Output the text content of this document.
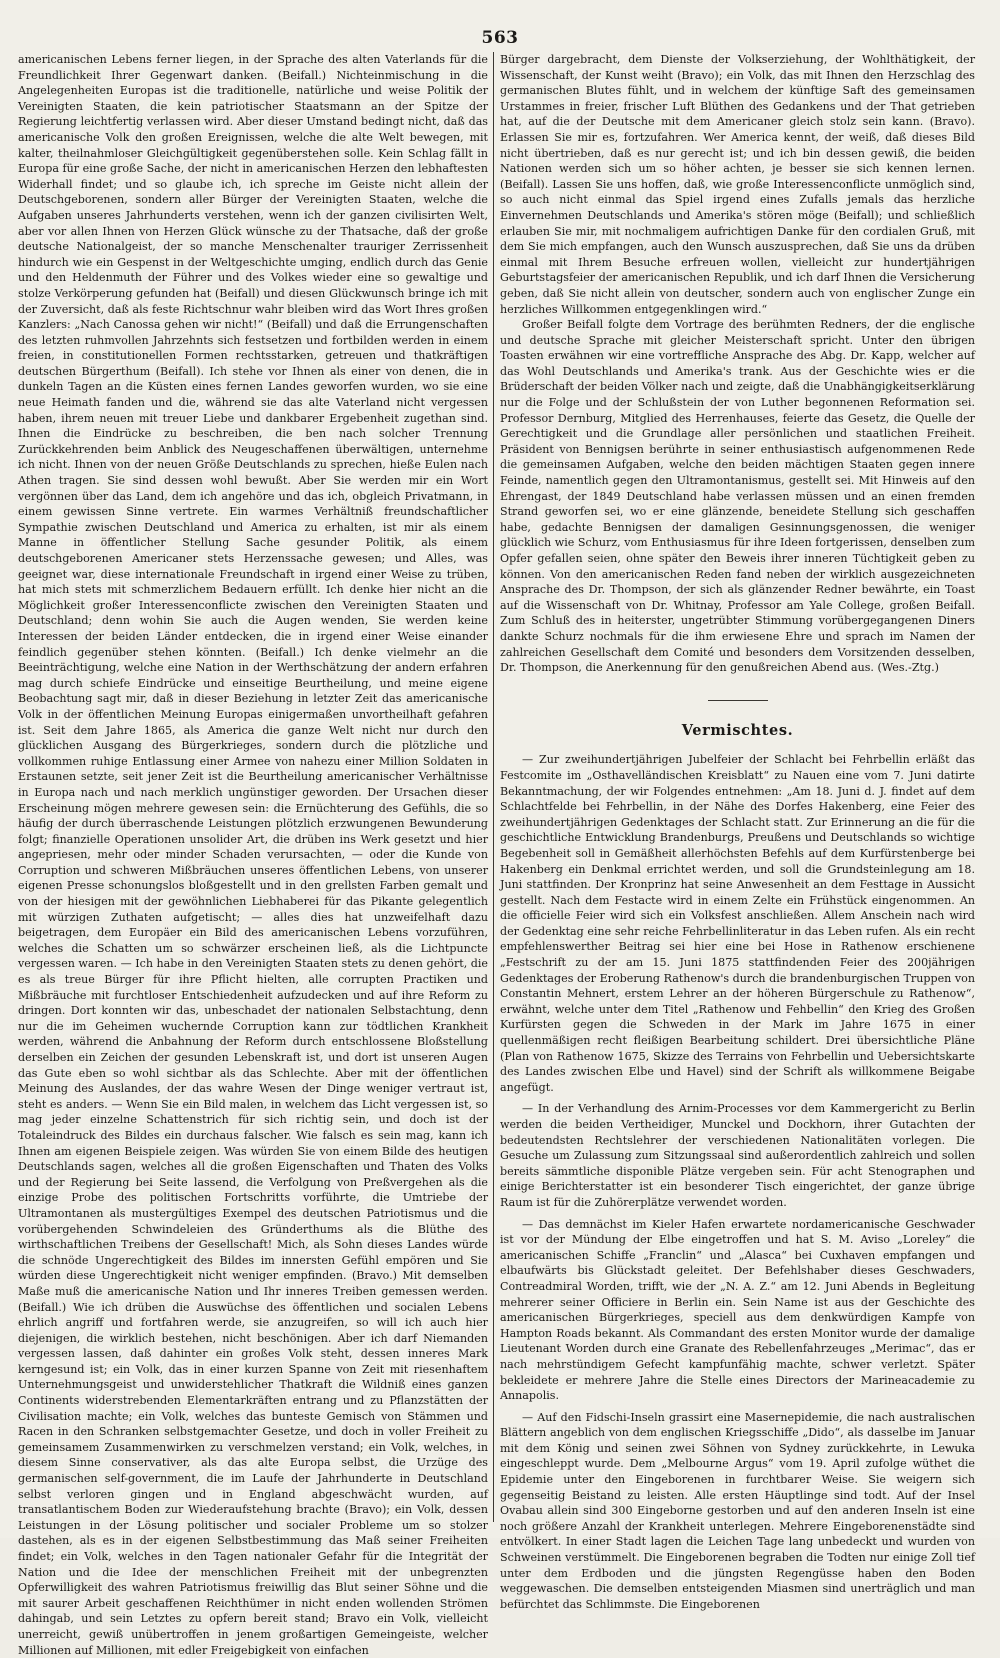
563

americanischen Lebens ferner liegen, in der Sprache des alten Vaterlands für die Freundlichkeit Ihrer Gegenwart danken. (Beifall.) Nichteinmischung in die Angelegenheiten Europas ist die traditionelle, natürliche und weise Politik der Vereinigten Staaten, die kein patriotischer Staatsmann an der Spitze der Regierung leichtfertig verlassen wird. Aber dieser Umstand bedingt nicht, daß das americanische Volk den großen Ereignissen, welche die alte Welt bewegen, mit kalter, theilnahmloser Gleichgültigkeit gegenüberstehen solle. Kein Schlag fällt in Europa für eine große Sache, der nicht in americanischen Herzen den lebhaftesten Widerhall findet; und so glaube ich, ich spreche im Geiste nicht allein der Deutschgeborenen, sondern aller Bürger der Vereinigten Staaten, welche die Aufgaben unseres Jahrhunderts verstehen, wenn ich der ganzen civilisirten Welt, aber vor allen Ihnen von Herzen Glück wünsche zu der Thatsache, daß der große deutsche Nationalgeist, der so manche Menschenalter trauriger Zerrissenheit hindurch wie ein Gespenst in der Weltgeschichte umging, endlich durch das Genie und den Heldenmuth der Führer und des Volkes wieder eine so gewaltige und stolze Verkörperung gefunden hat (Beifall) und diesen Glückwunsch bringe ich mit der Zuversicht, daß als feste Richtschnur wahr bleiben wird das Wort Ihres großen Kanzlers: „Nach Canossa gehen wir nicht!“ (Beifall) und daß die Errungenschaften des letzten ruhmvollen Jahrzehnts sich festsetzen und fortbilden werden in einem freien, in constitutionellen Formen rechtsstarken, getreuen und thatkräftigen deutschen Bürgerthum (Beifall). Ich stehe vor Ihnen als einer von denen, die in dunkeln Tagen an die Küsten eines fernen Landes geworfen wurden, wo sie eine neue Heimath fanden und die, während sie das alte Vaterland nicht vergessen haben, ihrem neuen mit treuer Liebe und dankbarer Ergebenheit zugethan sind. Ihnen die Eindrücke zu beschreiben, die ben nach solcher Trennung Zurückkehrenden beim Anblick des Neugeschaffenen überwältigen, unternehme ich nicht. Ihnen von der neuen Größe Deutschlands zu sprechen, hieße Eulen nach Athen tragen. Sie sind dessen wohl bewußt. Aber Sie werden mir ein Wort vergönnen über das Land, dem ich angehöre und das ich, obgleich Privatmann, in einem gewissen Sinne vertrete. Ein warmes Verhältniß freundschaftlicher Sympathie zwischen Deutschland und America zu erhalten, ist mir als einem Manne in öffentlicher Stellung Sache gesunder Politik, als einem deutschgeborenen Americaner stets Herzenssache gewesen; und Alles, was geeignet war, diese internationale Freundschaft in irgend einer Weise zu trüben, hat mich stets mit schmerzlichem Bedauern erfüllt. Ich denke hier nicht an die Möglichkeit großer Interessenconflicte zwischen den Vereinigten Staaten und Deutschland; denn wohin Sie auch die Augen wenden, Sie werden keine Interessen der beiden Länder entdecken, die in irgend einer Weise einander feindlich gegenüber stehen könnten. (Beifall.) Ich denke vielmehr an die Beeinträchtigung, welche eine Nation in der Werthschätzung der andern erfahren mag durch schiefe Eindrücke und einseitige Beurtheilung, und meine eigene Beobachtung sagt mir, daß in dieser Beziehung in letzter Zeit das americanische Volk in der öffentlichen Meinung Europas einigermaßen unvortheilhaft gefahren ist. Seit dem Jahre 1865, als America die ganze Welt nicht nur durch den glücklichen Ausgang des Bürgerkrieges, sondern durch die plötzliche und vollkommen ruhige Entlassung einer Armee von nahezu einer Million Soldaten in Erstaunen setzte, seit jener Zeit ist die Beurtheilung americanischer Verhältnisse in Europa nach und nach merklich ungünstiger geworden. Der Ursachen dieser Erscheinung mögen mehrere gewesen sein: die Ernüchterung des Gefühls, die so häufig der durch überraschende Leistungen plötzlich erzwungenen Bewunderung folgt; finanzielle Operationen unsolider Art, die drüben ins Werk gesetzt und hier angepriesen, mehr oder minder Schaden verursachten, — oder die Kunde von Corruption und schweren Mißbräuchen unseres öffentlichen Lebens, von unserer eigenen Presse schonungslos bloßgestellt und in den grellsten Farben gemalt und von der hiesigen mit der gewöhnlichen Liebhaberei für das Pikante gelegentlich mit würzigen Zuthaten aufgetischt; — alles dies hat unzweifelhaft dazu beigetragen, dem Europäer ein Bild des americanischen Lebens vorzuführen, welches die Schatten um so schwärzer erscheinen ließ, als die Lichtpuncte vergessen waren. — Ich habe in den Vereinigten Staaten stets zu denen gehört, die es als treue Bürger für ihre Pflicht hielten, alle corrupten Practiken und Mißbräuche mit furchtloser Entschiedenheit aufzudecken und auf ihre Reform zu dringen. Dort konnten wir das, unbeschadet der nationalen Selbstachtung, denn nur die im Geheimen wuchernde Corruption kann zur tödtlichen Krankheit werden, während die Anbahnung der Reform durch entschlossene Bloßstellung derselben ein Zeichen der gesunden Lebenskraft ist, und dort ist unseren Augen das Gute eben so wohl sichtbar als das Schlechte. Aber mit der öffentlichen Meinung des Auslandes, der das wahre Wesen der Dinge weniger vertraut ist, steht es anders. — Wenn Sie ein Bild malen, in welchem das Licht vergessen ist, so mag jeder einzelne Schattenstrich für sich richtig sein, und doch ist der Totaleindruck des Bildes ein durchaus falscher. Wie falsch es sein mag, kann ich Ihnen am eigenen Beispiele zeigen. Was würden Sie von einem Bilde des heutigen Deutschlands sagen, welches all die großen Eigenschaften und Thaten des Volks und der Regierung bei Seite lassend, die Verfolgung von Preßvergehen als die einzige Probe des politischen Fortschritts vorführte, die Umtriebe der Ultramontanen als mustergültiges Exempel des deutschen Patriotismus und die vorübergehenden Schwindeleien des Gründerthums als die Blüthe des wirthschaftlichen Treibens der Gesellschaft! Mich, als Sohn dieses Landes würde die schnöde Ungerechtigkeit des Bildes im innersten Gefühl empören und Sie würden diese Ungerechtigkeit nicht weniger empfinden. (Bravo.) Mit demselben Maße muß die americanische Nation und Ihr inneres Treiben gemessen werden. (Beifall.) Wie ich drüben die Auswüchse des öffentlichen und socialen Lebens ehrlich angriff und fortfahren werde, sie anzugreifen, so will ich auch hier diejenigen, die wirklich bestehen, nicht beschönigen. Aber ich darf Niemanden vergessen lassen, daß dahinter ein großes Volk steht, dessen inneres Mark kerngesund ist; ein Volk, das in einer kurzen Spanne von Zeit mit riesenhaftem Unternehmungsgeist und unwiderstehlicher Thatkraft die Wildniß eines ganzen Continents widerstrebenden Elementarkräften entrang und zu Pflanzstätten der Civilisation machte; ein Volk, welches das bunteste Gemisch von Stämmen und Racen in den Schranken selbstgemachter Gesetze, und doch in voller Freiheit zu gemeinsamem Zusammenwirken zu verschmelzen verstand; ein Volk, welches, in diesem Sinne conservativer, als das alte Europa selbst, die Urzüge des germanischen self-government, die im Laufe der Jahrhunderte in Deutschland selbst verloren gingen und in England abgeschwächt wurden, auf transatlantischem Boden zur Wiederaufstehung brachte (Bravo); ein Volk, dessen Leistungen in der Lösung politischer und socialer Probleme um so stolzer dastehen, als es in der eigenen Selbstbestimmung das Maß seiner Freiheiten findet; ein Volk, welches in den Tagen nationaler Gefahr für die Integrität der Nation und die Idee der menschlichen Freiheit mit der unbegrenzten Opferwilligkeit des wahren Patriotismus freiwillig das Blut seiner Söhne und die mit saurer Arbeit geschaffenen Reichthümer in nicht enden wollenden Strömen dahingab, und sein Letztes zu opfern bereit stand; Bravo ein Volk, vielleicht unerreicht, gewiß unübertroffen in jenem großartigen Gemeingeiste, welcher Millionen auf Millionen, mit edler Freigebigkeit von einfachen

Bürger dargebracht, dem Dienste der Volkserziehung, der Wohlthätigkeit, der Wissenschaft, der Kunst weiht (Bravo); ein Volk, das mit Ihnen den Herzschlag des germanischen Blutes fühlt, und in welchem der künftige Saft des gemeinsamen Urstammes in freier, frischer Luft Blüthen des Gedankens und der That getrieben hat, auf die der Deutsche mit dem Americaner gleich stolz sein kann. (Bravo). Erlassen Sie mir es, fortzufahren. Wer America kennt, der weiß, daß dieses Bild nicht übertrieben, daß es nur gerecht ist; und ich bin dessen gewiß, die beiden Nationen werden sich um so höher achten, je besser sie sich kennen lernen. (Beifall). Lassen Sie uns hoffen, daß, wie große Interessenconflicte unmöglich sind, so auch nicht einmal das Spiel irgend eines Zufalls jemals das herzliche Einvernehmen Deutschlands und Amerika's stören möge (Beifall); und schließlich erlauben Sie mir, mit nochmaligem aufrichtigen Danke für den cordialen Gruß, mit dem Sie mich empfangen, auch den Wunsch auszusprechen, daß Sie uns da drüben einmal mit Ihrem Besuche erfreuen wollen, vielleicht zur hundertjährigen Geburtstagsfeier der americanischen Republik, und ich darf Ihnen die Versicherung geben, daß Sie nicht allein von deutscher, sondern auch von englischer Zunge ein herzliches Willkommen entgegenklingen wird.“

Großer Beifall folgte dem Vortrage des berühmten Redners, der die englische und deutsche Sprache mit gleicher Meisterschaft spricht. Unter den übrigen Toasten erwähnen wir eine vortreffliche Ansprache des Abg. Dr. Kapp, welcher auf das Wohl Deutschlands und Amerika's trank. Aus der Geschichte wies er die Brüderschaft der beiden Völker nach und zeigte, daß die Unabhängigkeitserklärung nur die Folge und der Schlußstein der von Luther begonnenen Reformation sei. Professor Dernburg, Mitglied des Herrenhauses, feierte das Gesetz, die Quelle der Gerechtigkeit und die Grundlage aller persönlichen und staatlichen Freiheit. Präsident von Bennigsen berührte in seiner enthusiastisch aufgenommenen Rede die gemeinsamen Aufgaben, welche den beiden mächtigen Staaten gegen innere Feinde, namentlich gegen den Ultramontanismus, gestellt sei. Mit Hinweis auf den Ehrengast, der 1849 Deutschland habe verlassen müssen und an einen fremden Strand geworfen sei, wo er eine glänzende, beneidete Stellung sich geschaffen habe, gedachte Bennigsen der damaligen Gesinnungsgenossen, die weniger glücklich wie Schurz, vom Enthusiasmus für ihre Ideen fortgerissen, denselben zum Opfer gefallen seien, ohne später den Beweis ihrer inneren Tüchtigkeit geben zu können. Von den americanischen Reden fand neben der wirklich ausgezeichneten Ansprache des Dr. Thompson, der sich als glänzender Redner bewährte, ein Toast auf die Wissenschaft von Dr. Whitnay, Professor am Yale College, großen Beifall. Zum Schluß des in heiterster, ungetrübter Stimmung vorübergegangenen Diners dankte Schurz nochmals für die ihm erwiesene Ehre und sprach im Namen der zahlreichen Gesellschaft dem Comité und besonders dem Vorsitzenden desselben, Dr. Thompson, die Anerkennung für den genußreichen Abend aus. (Wes.-Ztg.)

Vermischtes.

— Zur zweihundertjährigen Jubelfeier der Schlacht bei Fehrbellin erläßt das Festcomite im „Osthavelländischen Kreisblatt“ zu Nauen eine vom 7. Juni datirte Bekanntmachung, der wir Folgendes entnehmen: „Am 18. Juni d. J. findet auf dem Schlachtfelde bei Fehrbellin, in der Nähe des Dorfes Hakenberg, eine Feier des zweihundertjährigen Gedenktages der Schlacht statt. Zur Erinnerung an die für die geschichtliche Entwicklung Brandenburgs, Preußens und Deutschlands so wichtige Begebenheit soll in Gemäßheit allerhöchsten Befehls auf dem Kurfürstenberge bei Hakenberg ein Denkmal errichtet werden, und soll die Grundsteinlegung am 18. Juni stattfinden. Der Kronprinz hat seine Anwesenheit an dem Festtage in Aussicht gestellt. Nach dem Festacte wird in einem Zelte ein Frühstück eingenommen. An die officielle Feier wird sich ein Volksfest anschließen. Allem Anschein nach wird der Gedenktag eine sehr reiche Fehrbellinliteratur in das Leben rufen. Als ein recht empfehlenswerther Beitrag sei hier eine bei Hose in Rathenow erschienene „Festschrift zu der am 15. Juni 1875 stattfindenden Feier des 200jährigen Gedenktages der Eroberung Rathenow's durch die brandenburgischen Truppen von Constantin Mehnert, erstem Lehrer an der höheren Bürgerschule zu Rathenow“, erwähnt, welche unter dem Titel „Rathenow und Fehbellin“ den Krieg des Großen Kurfürsten gegen die Schweden in der Mark im Jahre 1675 in einer quellenmäßigen recht fleißigen Bearbeitung schildert. Drei übersichtliche Pläne (Plan von Rathenow 1675, Skizze des Terrains von Fehrbellin und Uebersichtskarte des Landes zwischen Elbe und Havel) sind der Schrift als willkommene Beigabe angefügt.

— In der Verhandlung des Arnim-Processes vor dem Kammergericht zu Berlin werden die beiden Vertheidiger, Munckel und Dockhorn, ihrer Gutachten der bedeutendsten Rechtslehrer der verschiedenen Nationalitäten vorlegen. Die Gesuche um Zulassung zum Sitzungssaal sind außerordentlich zahlreich und sollen bereits sämmtliche disponible Plätze vergeben sein. Für acht Stenographen und einige Berichterstatter ist ein besonderer Tisch eingerichtet, der ganze übrige Raum ist für die Zuhörerplätze verwendet worden.

— Das demnächst im Kieler Hafen erwartete nordamericanische Geschwader ist vor der Mündung der Elbe eingetroffen und hat S. M. Aviso „Loreley“ die americanischen Schiffe „Franclin“ und „Alasca“ bei Cuxhaven empfangen und elbaufwärts bis Glückstadt geleitet. Der Befehlshaber dieses Geschwaders, Contreadmiral Worden, trifft, wie der „N. A. Z.“ am 12. Juni Abends in Begleitung mehrerer seiner Officiere in Berlin ein. Sein Name ist aus der Geschichte des americanischen Bürgerkrieges, speciell aus dem denkwürdigen Kampfe von Hampton Roads bekannt. Als Commandant des ersten Monitor wurde der damalige Lieutenant Worden durch eine Granate des Rebellenfahrzeuges „Merimac“, das er nach mehrstündigem Gefecht kampfunfähig machte, schwer verletzt. Später bekleidete er mehrere Jahre die Stelle eines Directors der Marineacademie zu Annapolis.

— Auf den Fidschi-Inseln grassirt eine Masernepidemie, die nach australischen Blättern angeblich von dem englischen Kriegsschiffe „Dido“, als dasselbe im Januar mit dem König und seinen zwei Söhnen von Sydney zurückkehrte, in Lewuka eingeschleppt wurde. Dem „Melbourne Argus“ vom 19. April zufolge wüthet die Epidemie unter den Eingeborenen in furchtbarer Weise. Sie weigern sich gegenseitig Beistand zu leisten. Alle ersten Häuptlinge sind todt. Auf der Insel Ovabau allein sind 300 Eingeborne gestorben und auf den anderen Inseln ist eine noch größere Anzahl der Krankheit unterlegen. Mehrere Eingeborenenstädte sind entvölkert. In einer Stadt lagen die Leichen Tage lang unbedeckt und wurden von Schweinen verstümmelt. Die Eingeborenen begraben die Todten nur einige Zoll tief unter dem Erdboden und die jüngsten Regengüsse haben den Boden weggewaschen. Die demselben entsteigenden Miasmen sind unerträglich und man befürchtet das Schlimmste. Die Eingeborenen
